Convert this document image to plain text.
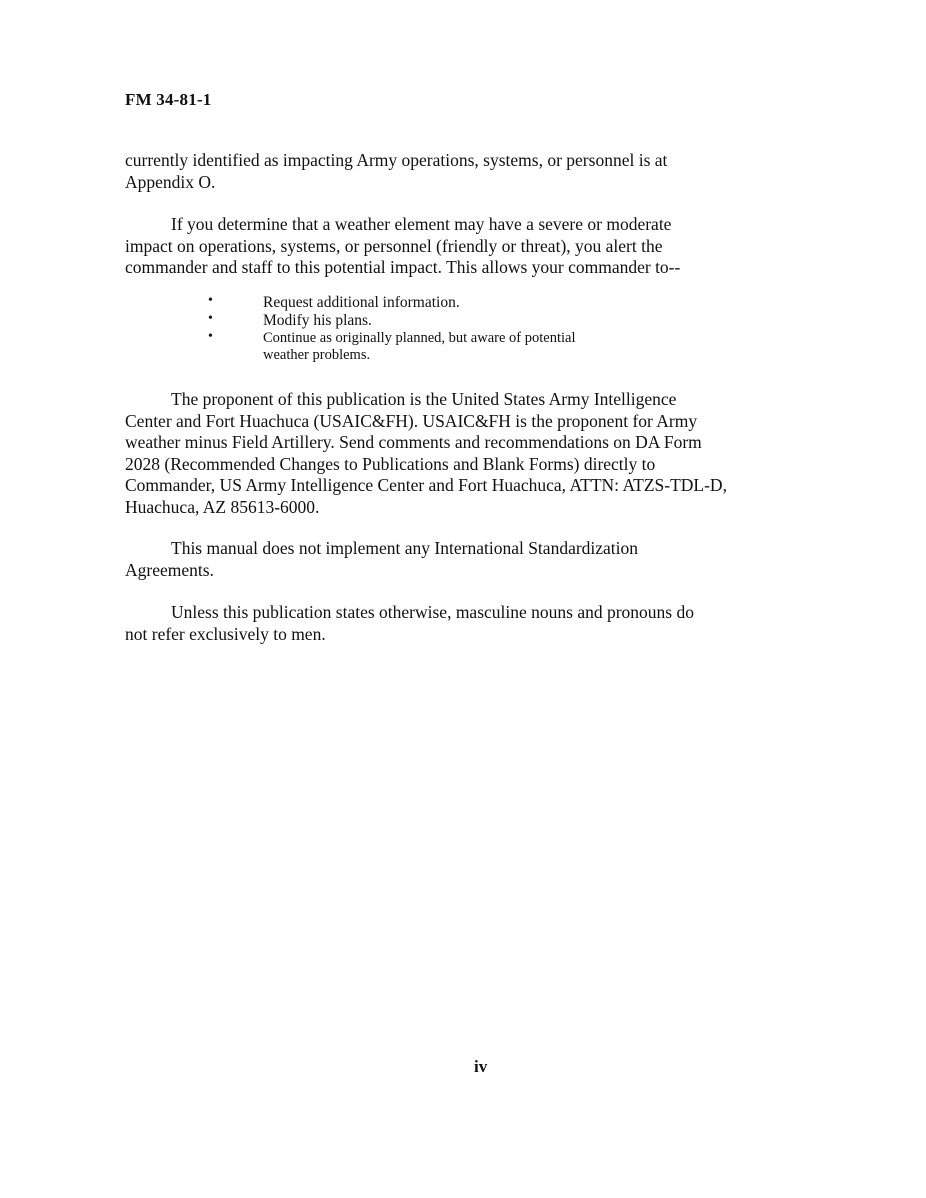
FM 34-81-1
currently identified as impacting Army operations, systems, or personnel is at
Appendix O.
If you determine that a weather element may have a severe or moderate
impact on operations, systems, or personnel (friendly or threat), you alert the
commander and staff to this potential impact. This allows your commander to--
•	Request additional information.
•	Modify his plans.
•	Continue as originally planned, but aware of potential
weather problems.
The proponent of this publication is the United States Army Intelligence
Center and Fort Huachuca (USAIC&FH). USAIC&FH is the proponent for Army
weather minus Field Artillery. Send comments and recommendations on DA Form
2028 (Recommended Changes to Publications and Blank Forms) directly to
Commander, US Army Intelligence Center and Fort Huachuca, ATTN: ATZS-TDL-D,
Huachuca, AZ 85613-6000.
This manual does not implement any International Standardization
Agreements.
Unless this publication states otherwise, masculine nouns and pronouns do
not refer exclusively to men.
iv
